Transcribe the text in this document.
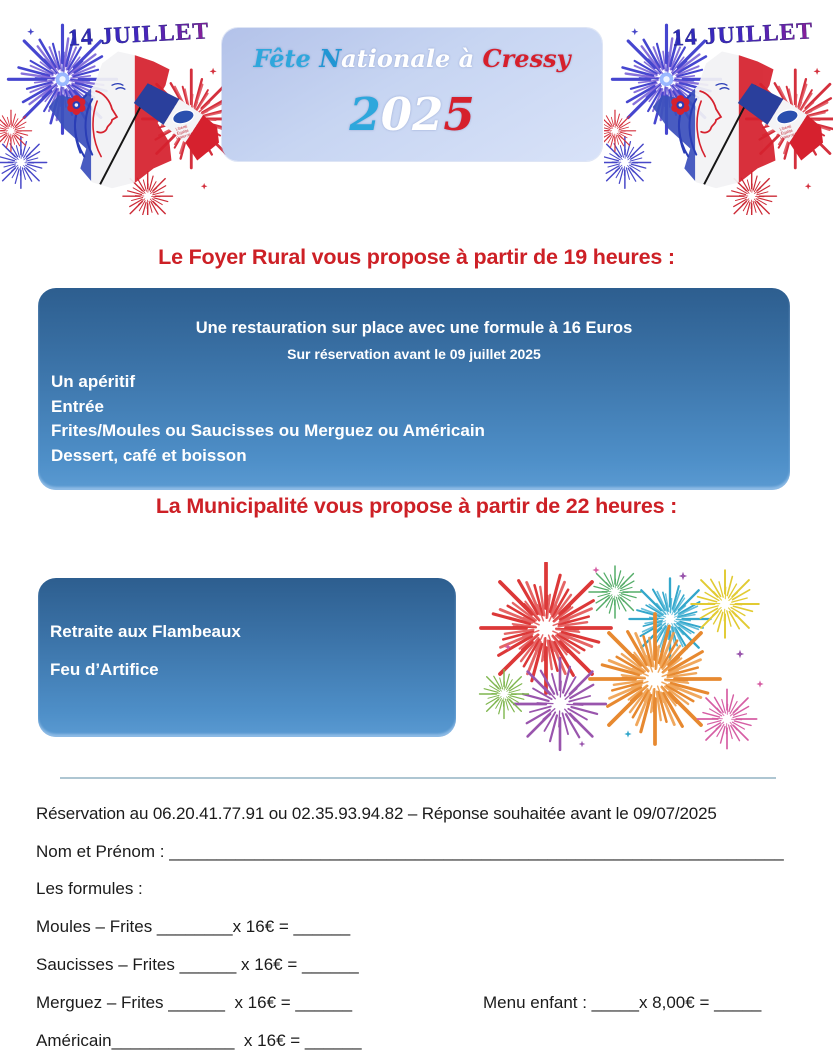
Fête Nationale à Cressy
2025
Le Foyer Rural vous propose à partir de 19 heures :
Une restauration sur place avec une formule à 16 Euros
Sur réservation avant le 09 juillet 2025
Un apéritif
Entrée
Frites/Moules ou Saucisses ou Merguez ou Américain
Dessert, café et boisson
La Municipalité vous propose à partir de 22 heures :
Retraite aux Flambeaux
Feu d’Artifice
Réservation au 06.20.41.77.91 ou 02.35.93.94.82 – Réponse souhaitée avant le 09/07/2025
Nom et Prénom : _________________________________________________________________
Les formules :
Moules – Frites ________x 16€ = ______
Saucisses – Frites ______ x 16€ = ______
Merguez – Frites ______  x 16€ = ______	Menu enfant : _____x 8,00€ = _____
Américain_____________  x 16€ = ______
